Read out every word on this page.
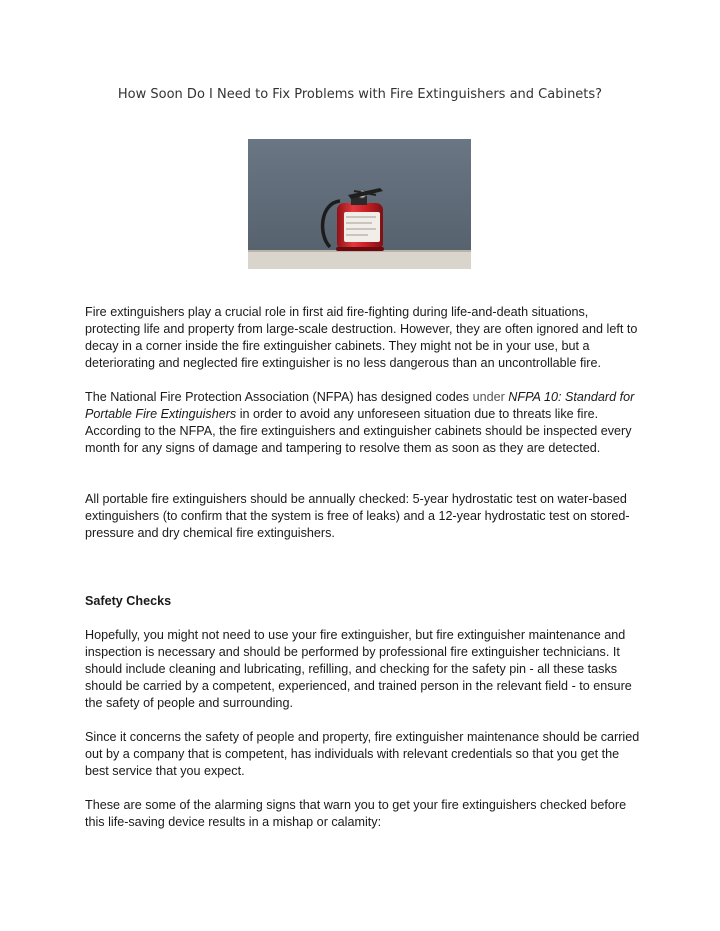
How Soon Do I Need to Fix Problems with Fire Extinguishers and Cabinets?

Fire extinguishers play a crucial role in first aid fire-fighting during life-and-death situations, protecting life and property from large-scale destruction. However, they are often ignored and left to decay in a corner inside the fire extinguisher cabinets. They might not be in your use, but a deteriorating and neglected fire extinguisher is no less dangerous than an uncontrollable fire.

The National Fire Protection Association (NFPA) has designed codes under NFPA 10: Standard for Portable Fire Extinguishers in order to avoid any unforeseen situation due to threats like fire. According to the NFPA, the fire extinguishers and extinguisher cabinets should be inspected every month for any signs of damage and tampering to resolve them as soon as they are detected.

All portable fire extinguishers should be annually checked: 5-year hydrostatic test on water-based extinguishers (to confirm that the system is free of leaks) and a 12-year hydrostatic test on stored-pressure and dry chemical fire extinguishers.

Safety Checks

Hopefully, you might not need to use your fire extinguisher, but fire extinguisher maintenance and inspection is necessary and should be performed by professional fire extinguisher technicians. It should include cleaning and lubricating, refilling, and checking for the safety pin - all these tasks should be carried by a competent, experienced, and trained person in the relevant field - to ensure the safety of people and surrounding.

Since it concerns the safety of people and property, fire extinguisher maintenance should be carried out by a company that is competent, has individuals with relevant credentials so that you get the best service that you expect.

These are some of the alarming signs that warn you to get your fire extinguishers checked before this life-saving device results in a mishap or calamity:
